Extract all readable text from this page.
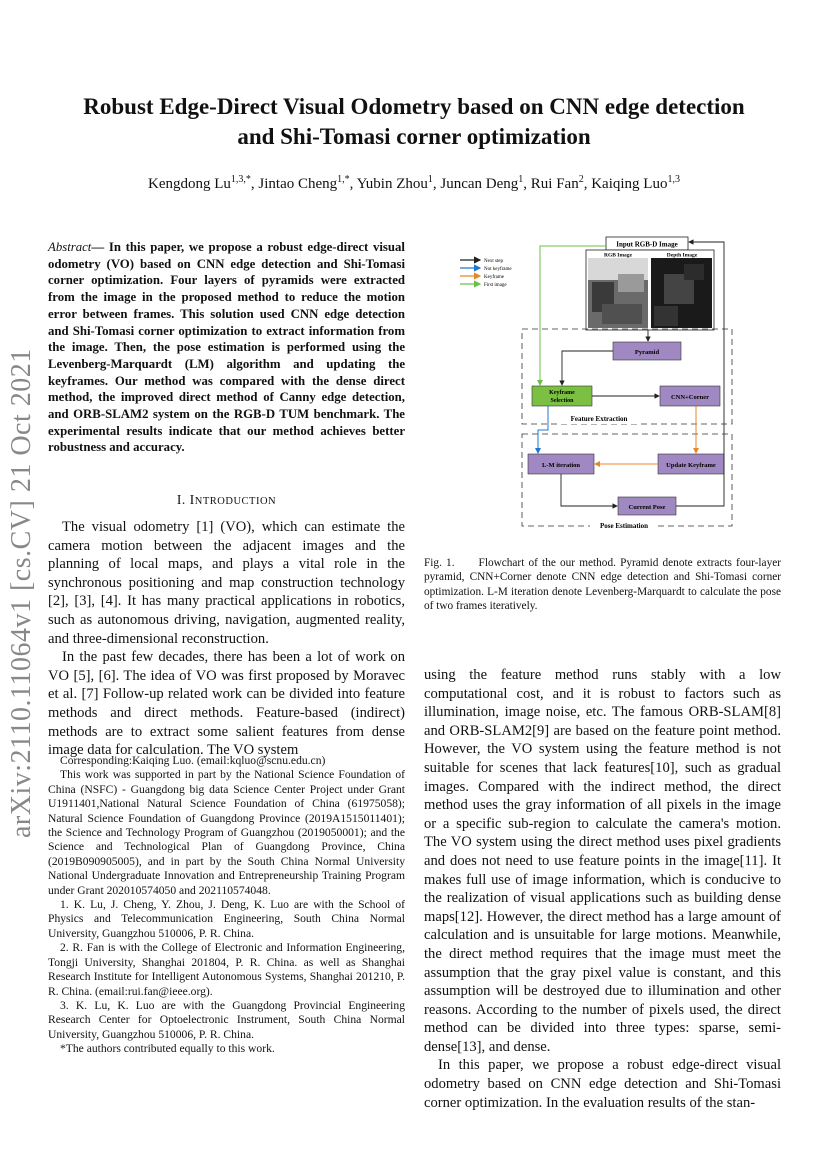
Robust Edge-Direct Visual Odometry based on CNN edge detection
and Shi-Tomasi corner optimization
Kengdong $Lu^{1,3,*}$, Jintao Cheng$^{1,*}$, Yubin Zhou$^1$, Juncan Deng$^1$, Rui Fan$^2$, Kaiqing Luo$^{1,3}$
arXiv:2110.11064v1 [cs.CV] 21 Oct 2021
Abstract— In this paper, we propose a robust edge-direct visual odometry (VO) based on CNN edge detection and Shi-Tomasi corner optimization. Four layers of pyramids were extracted from the image in the proposed method to reduce the motion error between frames. This solution used CNN edge detection and Shi-Tomasi corner optimization to extract information from the image. Then, the pose estimation is performed using the Levenberg-Marquardt (LM) algorithm and updating the keyframes. Our method was compared with the dense direct method, the improved direct method of Canny edge detection, and ORB-SLAM2 system on the RGB-D TUM benchmark. The experimental results indicate that our method achieves better robustness and accuracy.
I. INTRODUCTION

The visual odometry [1] (VO), which can estimate the camera motion between the adjacent images and the planning of local maps, and plays a vital role in the synchronous positioning and map construction technology [2], [3], [4]. It has many practical applications in robotics, such as autonomous driving, navigation, augmented reality, and three-dimensional reconstruction.

In the past few decades, there has been a lot of work on VO [5], [6]. The idea of VO was first proposed by Moravec et al. [7] Follow-up related work can be divided into feature methods and direct methods. Feature-based (indirect) methods are to extract some salient features from dense image data for calculation. The VO system

Corresponding:Kaiqing Luo. (email:kqluo@scnu.edu.cn)

This work was supported in part by the National Science Foundation of China (NSFC) - Guangdong big data Science Center Project under Grant U1911401,National Natural Science Foundation of China (61975058); Natural Science Foundation of Guangdong Province (2019A1515011401); the Science and Technology Program of Guangzhou (2019050001); and the Science and Technological Plan of Guangdong Province, China (2019B090905005), and in part by the South China Normal University National Undergraduate Innovation and Entrepreneurship Training Program under Grant 202010574050 and 202110574048.

1. K. Lu, J. Cheng, Y. Zhou, J. Deng, K. Luo are with the School of Physics and Telecommunication Engineering, South China Normal University, Guangzhou 510006, P. R. China.

2. R. Fan is with the College of Electronic and Information Engineering, Tongji University, Shanghai 201804, P. R. China. as well as Shanghai Research Institute for Intelligent Autonomous Systems, Shanghai 201210, P. R. China. (email:rui.fan@ieee.org).

3. K. Lu, K. Luo are with the Guangdong Provincial Engineering Research Center for Optoelectronic Instrument, South China Normal University, Guangzhou 510006, P. R. China.

*The authors contributed equally to this work.

Next step
Not keyframe
Keyframe
First image
Input RGB-D Image
RGB Image	Depth Image
Feature Extraction
Pose Estimation
Pyramid
Keyframe
Selection	CNN+Corner
L-M iteration	Update Keyframe
Current Pose
Fig. 1. Flowchart of the our method. Pyramid denote extracts four-layer pyramid, CNN+Corner denote CNN edge detection and Shi-Tomasi corner optimization. L-M iteration denote Levenberg-Marquardt to calculate the pose of two frames iteratively.

using the feature method runs stably with a low computational cost, and it is robust to factors such as illumination, image noise, etc. The famous ORB-SLAM[8] and ORB-SLAM2[9] are based on the feature point method. However, the VO system using the feature method is not suitable for scenes that lack features[10], such as gradual images. Compared with the indirect method, the direct method uses the gray information of all pixels in the image or a specific sub-region to calculate the camera's motion. The VO system using the direct method uses pixel gradients and does not need to use feature points in the image[11]. It makes full use of image information, which is conducive to the realization of visual applications such as building dense maps[12]. However, the direct method has a large amount of calculation and is unsuitable for large motions. Meanwhile, the direct method requires that the image must meet the assumption that the gray pixel value is constant, and this assumption will be destroyed due to illumination and other reasons. According to the number of pixels used, the direct method can be divided into three types: sparse, semi-dense[13], and dense.

In this paper, we propose a robust edge-direct visual odometry based on CNN edge detection and Shi-Tomasi corner optimization. In the evaluation results of the stan-
